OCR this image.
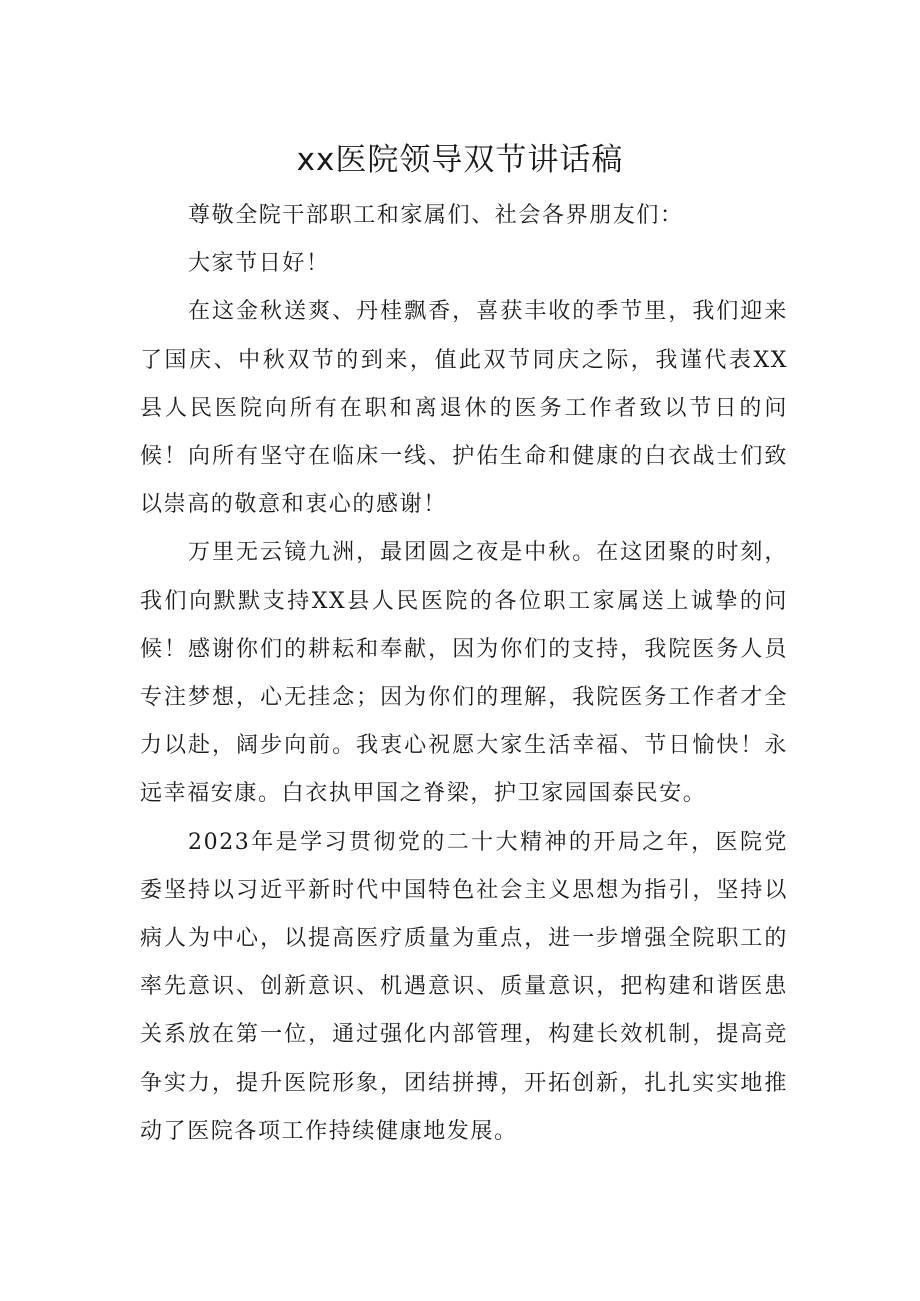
xx医院领导双节讲话稿

尊敬全院干部职工和家属们、社会各界朋友们：

大家节日好！

在这金秋送爽、丹桂飘香，喜获丰收的季节里，我们迎来了国庆、中秋双节的到来，值此双节同庆之际，我谨代表XX县人民医院向所有在职和离退休的医务工作者致以节日的问候！向所有坚守在临床一线、护佑生命和健康的白衣战士们致以崇高的敬意和衷心的感谢！

万里无云镜九洲，最团圆之夜是中秋。在这团聚的时刻，我们向默默支持XX县人民医院的各位职工家属送上诚挚的问候！感谢你们的耕耘和奉献，因为你们的支持，我院医务人员专注梦想，心无挂念；因为你们的理解，我院医务工作者才全力以赴，阔步向前。我衷心祝愿大家生活幸福、节日愉快！永远幸福安康。白衣执甲国之脊梁，护卫家园国泰民安。

2023年是学习贯彻党的二十大精神的开局之年，医院党委坚持以习近平新时代中国特色社会主义思想为指引，坚持以病人为中心，以提高医疗质量为重点，进一步增强全院职工的率先意识、创新意识、机遇意识、质量意识，把构建和谐医患关系放在第一位，通过强化内部管理，构建长效机制，提高竞争实力，提升医院形象，团结拼搏，开拓创新，扎扎实实地推动了医院各项工作持续健康地发展。
